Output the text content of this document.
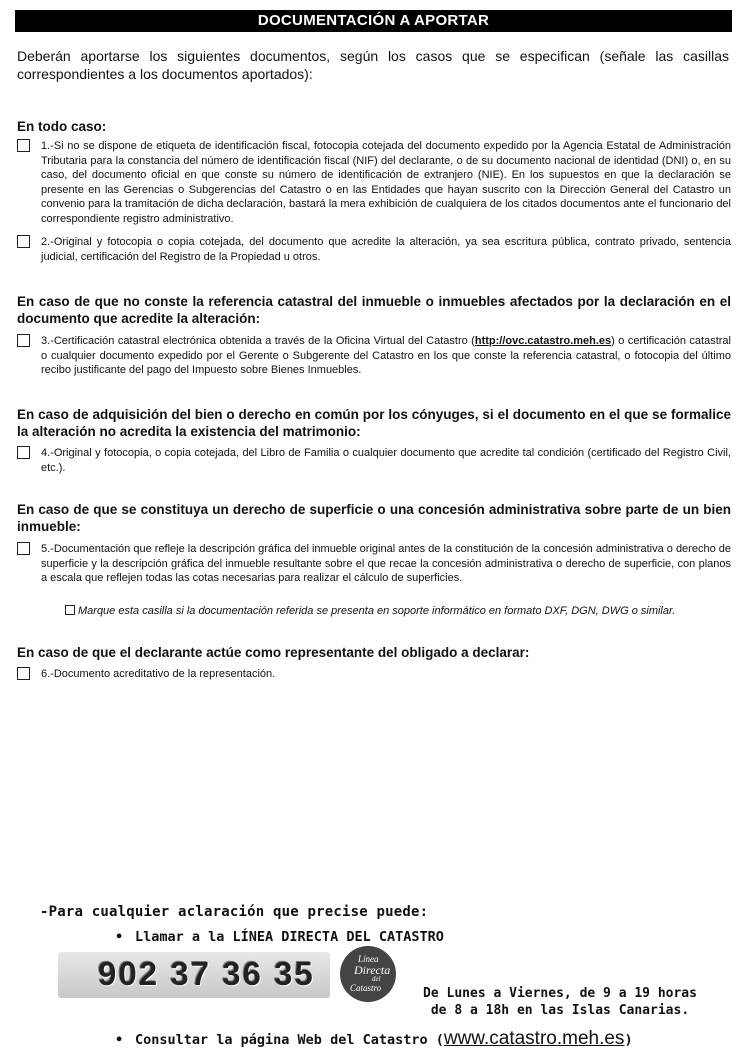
DOCUMENTACIÓN A APORTAR
Deberán aportarse los siguientes documentos, según los casos que se especifican (señale las casillas correspondientes a los documentos aportados):
En todo caso:
1.-Si no se dispone de etiqueta de identificación fiscal, fotocopia cotejada del documento expedido por la Agencia Estatal de Administración Tributaria para la constancia del número de identificación fiscal (NIF) del declarante, o de su documento nacional de identidad (DNI) o, en su caso, del documento oficial en que conste su número de identificación de extranjero (NIE). En los supuestos en que la declaración se presente en las Gerencias o Subgerencias del Catastro o en las Entidades que hayan suscrito con la Dirección General del Catastro un convenio para la tramitación de dicha declaración, bastará la mera exhibición de cualquiera de los citados documentos ante el funcionario del correspondiente registro administrativo.
2.-Original y fotocopia o copia cotejada, del documento que acredite la alteración, ya sea escritura pública, contrato privado, sentencia judicial, certificación del Registro de la Propiedad u otros.
En caso de que no conste la referencia catastral del inmueble o inmuebles afectados por la declaración en el documento que acredite la alteración:
3.-Certificación catastral electrónica obtenida a través de la Oficina Virtual del Catastro (http://ovc.catastro.meh.es) o certificación catastral o cualquier documento expedido por el Gerente o Subgerente del Catastro en los que conste la referencia catastral, o fotocopia del último recibo justificante del pago del Impuesto sobre Bienes Inmuebles.
En caso de adquisición del bien o derecho en común por los cónyuges, si el documento en el que se formalice la alteración no acredita la existencia del matrimonio:
4.-Original y fotocopia, o copia cotejada, del Libro de Familia o cualquier documento que acredite tal condición (certificado del Registro Civil, etc.).
En caso de que se constituya un derecho de superficie o una concesión administrativa sobre parte de un bien inmueble:
5.-Documentación que refleje la descripción gráfica del inmueble original antes de la constitución de la concesión administrativa o derecho de superficie y la descripción gráfica del inmueble resultante sobre el que recae la concesión administrativa o derecho de superficie, con planos a escala que reflejen todas las cotas necesarias para realizar el cálculo de superficies.
Marque esta casilla si la documentación referida se presenta en soporte informático en formato DXF, DGN, DWG o similar.
En caso de que el declarante actúe como representante del obligado a declarar:
6.-Documento acreditativo de la representación.
-Para cualquier aclaración que precise puede:
• Llamar a la LÍNEA DIRECTA DEL CATASTRO
902 37 36 35	Línea
Directa
del
Catastro	De Lunes a Viernes, de 9 a 19 horas
de 8 a 18h en las Islas Canarias.
• Consultar la página Web del Catastro (www.catastro.meh.es)
